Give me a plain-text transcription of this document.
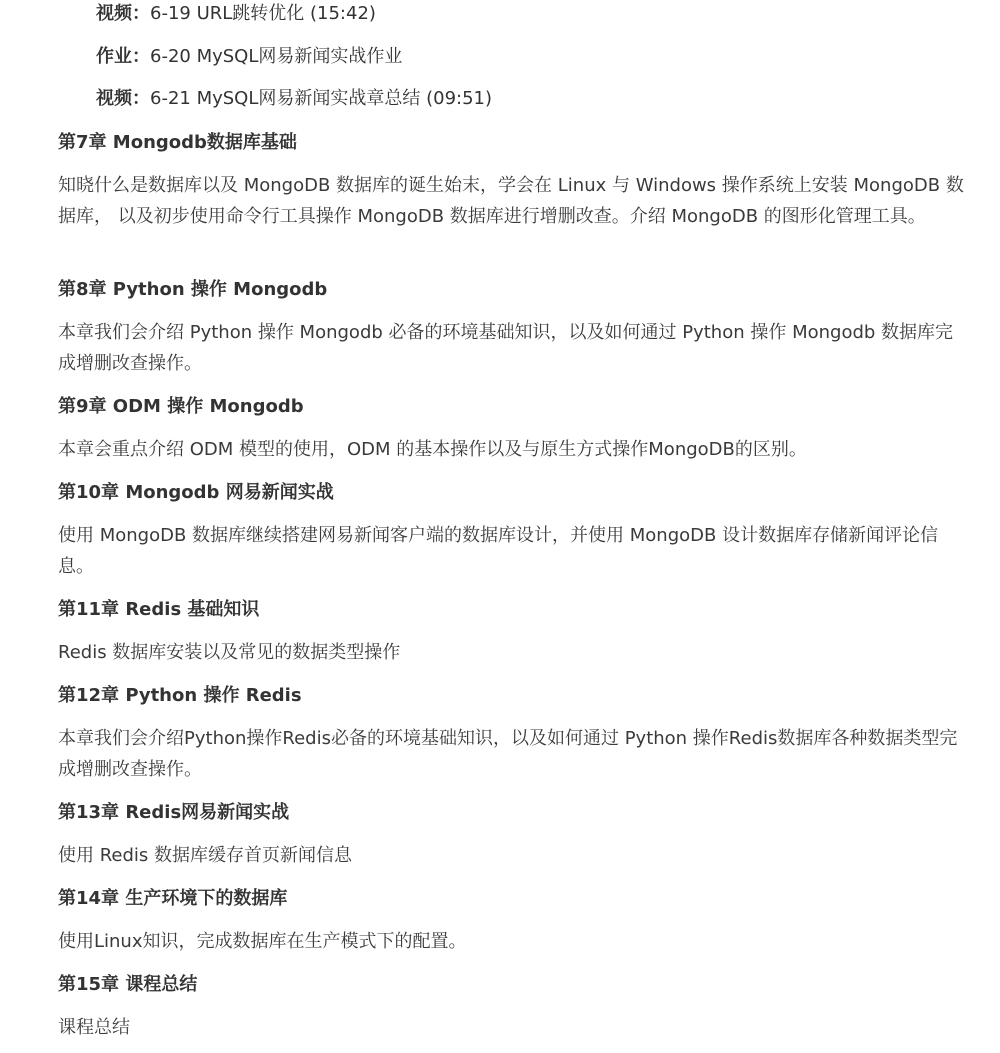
视频：6-19 URL跳转优化 (15:42)
作业：6-20 MySQL网易新闻实战作业
视频：6-21 MySQL网易新闻实战章总结 (09:51)
第7章 Mongodb数据库基础
知晓什么是数据库以及 MongoDB 数据库的诞生始末，学会在 Linux 与 Windows 操作系统上安装 MongoDB 数据库， 以及初步使用命令行工具操作 MongoDB 数据库进行增删改查。介绍 MongoDB 的图形化管理工具。
第8章 Python 操作 Mongodb
本章我们会介绍 Python 操作 Mongodb 必备的环境基础知识，以及如何通过 Python 操作 Mongodb 数据库完成增删改查操作。
第9章 ODM 操作 Mongodb
本章会重点介绍 ODM 模型的使用，ODM 的基本操作以及与原生方式操作MongoDB的区别。
第10章 Mongodb 网易新闻实战
使用 MongoDB 数据库继续搭建网易新闻客户端的数据库设计，并使用 MongoDB 设计数据库存储新闻评论信息。
第11章 Redis 基础知识
Redis 数据库安装以及常见的数据类型操作
第12章 Python 操作 Redis
本章我们会介绍Python操作Redis必备的环境基础知识，以及如何通过 Python 操作Redis数据库各种数据类型完成增删改查操作。
第13章 Redis网易新闻实战
使用 Redis 数据库缓存首页新闻信息
第14章 生产环境下的数据库
使用Linux知识，完成数据库在生产模式下的配置。
第15章 课程总结
课程总结
